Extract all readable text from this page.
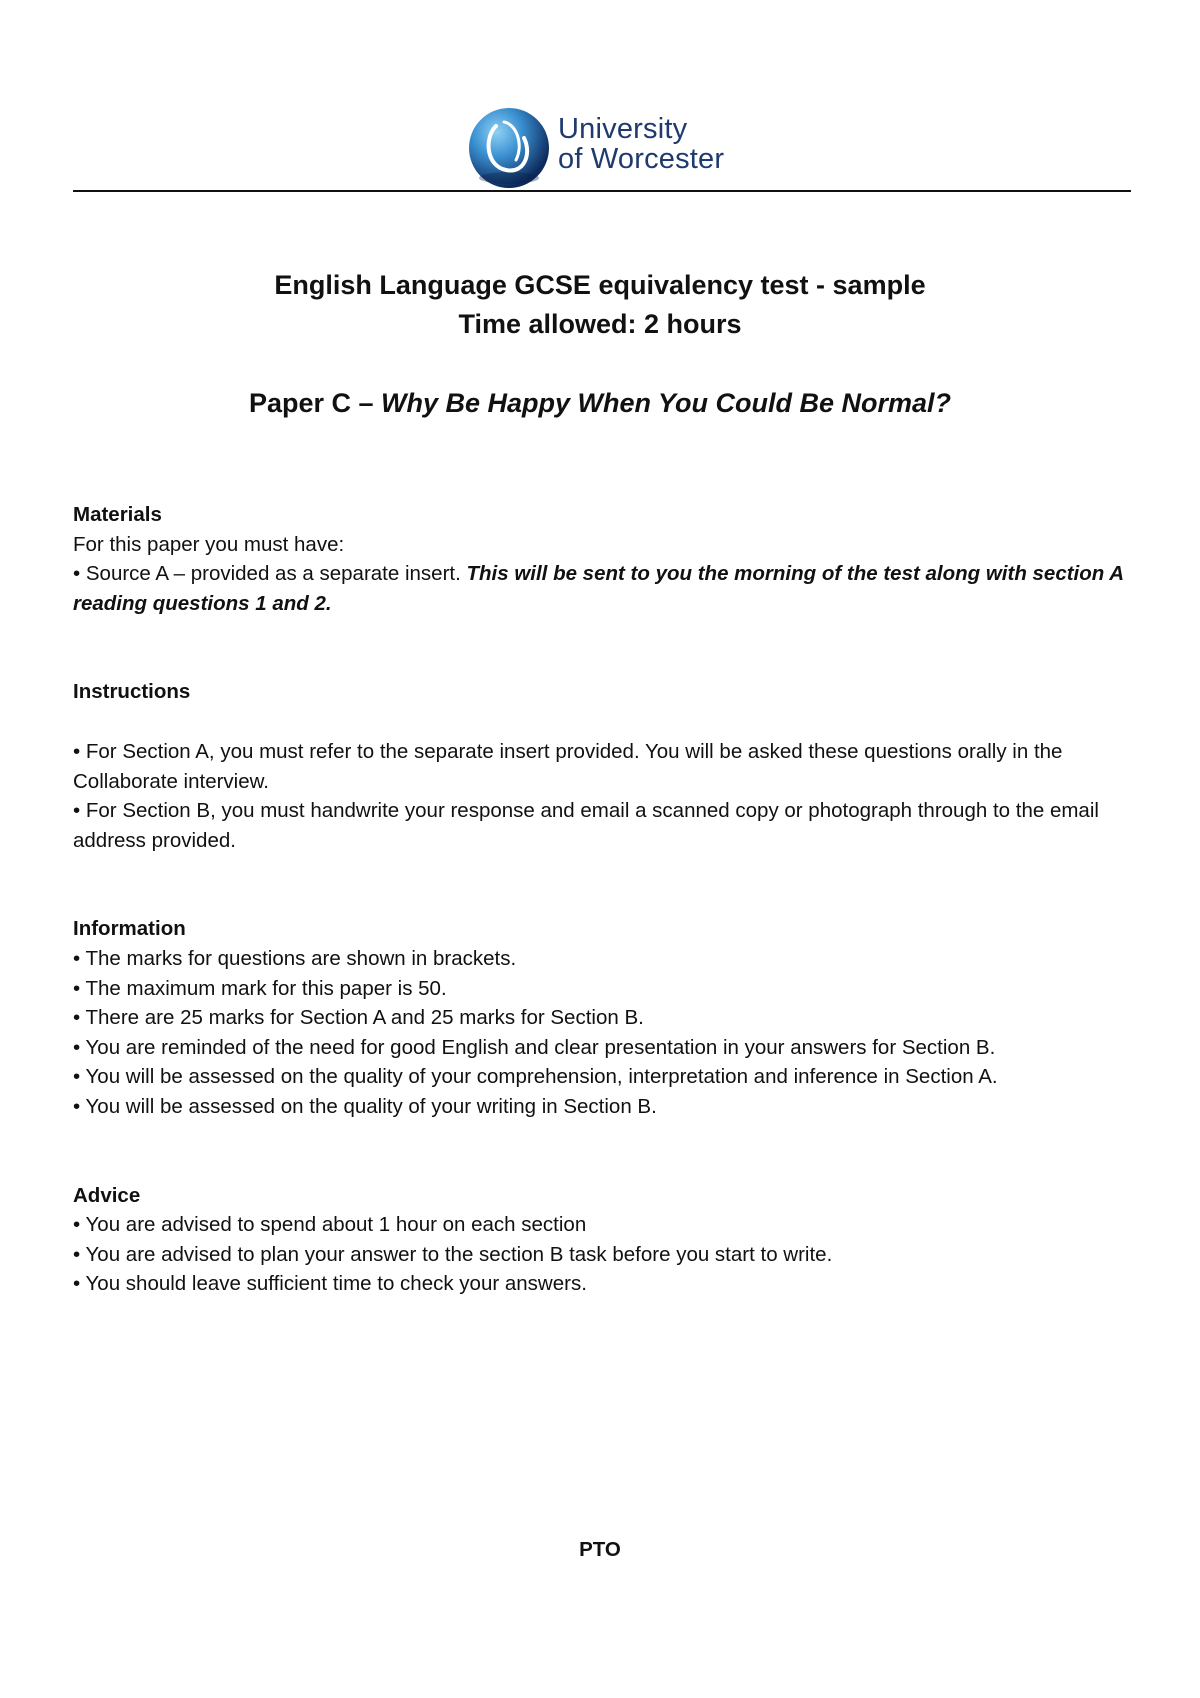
University
of Worcester

English Language GCSE equivalency test - sample

Time allowed: 2 hours

Paper C – Why Be Happy When You Could Be Normal?

Materials

For this paper you must have:

• Source A – provided as a separate insert. This will be sent to you the morning of the test along with section A reading questions 1 and 2.

Instructions

• For Section A, you must refer to the separate insert provided. You will be asked these questions orally in the Collaborate interview.

• For Section B, you must handwrite your response and email a scanned copy or photograph through to the email address provided.

Information

• The marks for questions are shown in brackets.

• The maximum mark for this paper is 50.

• There are 25 marks for Section A and 25 marks for Section B.

• You are reminded of the need for good English and clear presentation in your answers for Section B.

• You will be assessed on the quality of your comprehension, interpretation and inference in Section A.

• You will be assessed on the quality of your writing in Section B.

Advice

• You are advised to spend about 1 hour on each section

• You are advised to plan your answer to the section B task before you start to write.

• You should leave sufficient time to check your answers.

PTO
